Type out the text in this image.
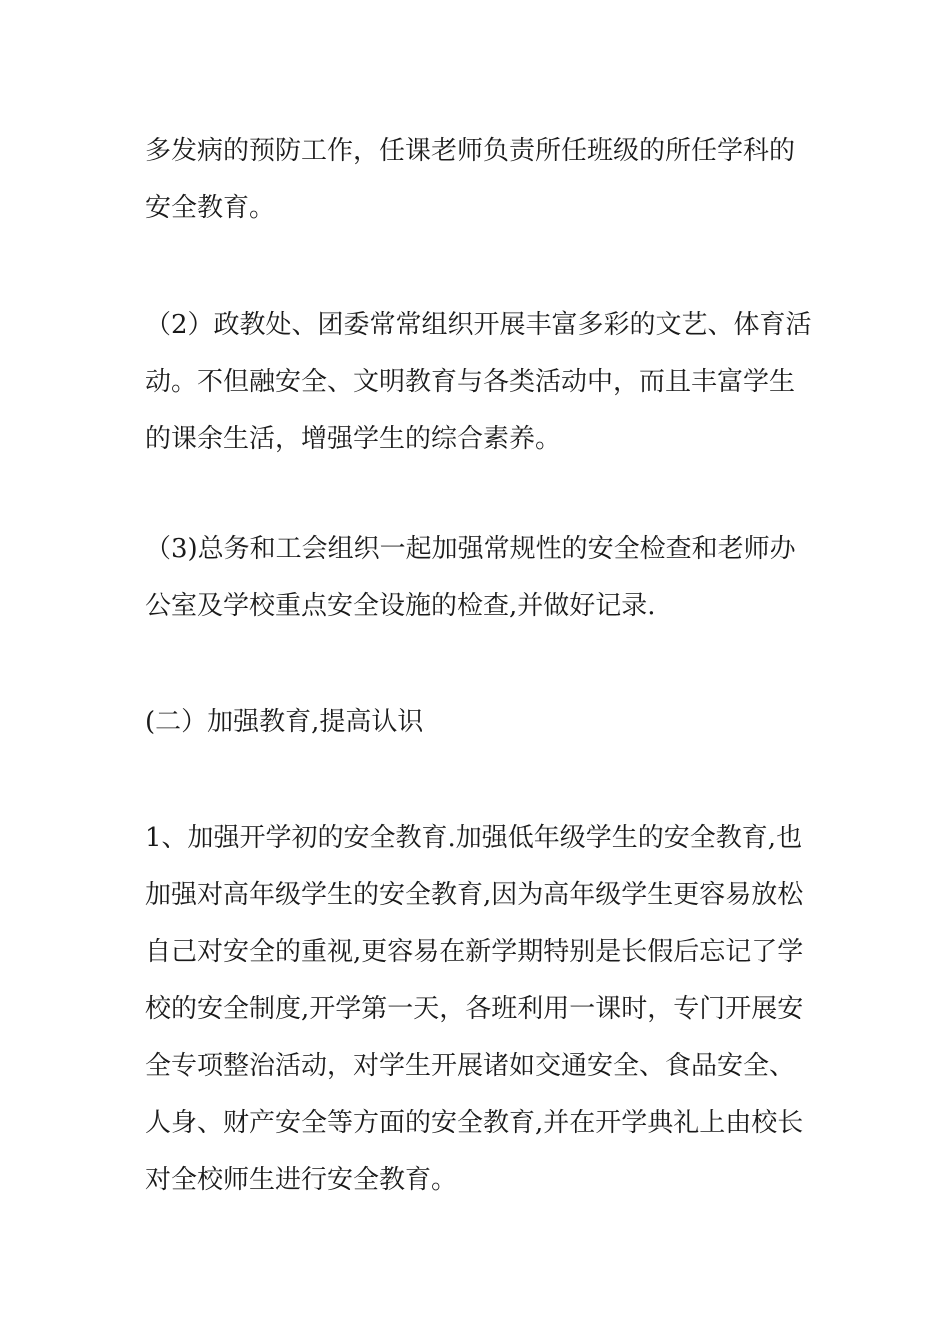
多发病的预防工作，任课老师负责所任班级的所任学科的
安全教育。

（2）政教处、团委常常组织开展丰富多彩的文艺、体育活
动。不但融安全、文明教育与各类活动中，而且丰富学生
的课余生活，增强学生的综合素养。

（3)总务和工会组织一起加强常规性的安全检查和老师办
公室及学校重点安全设施的检查,并做好记录.

(二）加强教育,提高认识

1、加强开学初的安全教育.加强低年级学生的安全教育,也
加强对高年级学生的安全教育,因为高年级学生更容易放松
自己对安全的重视,更容易在新学期特别是长假后忘记了学
校的安全制度,开学第一天，各班利用一课时，专门开展安
全专项整治活动，对学生开展诸如交通安全、食品安全、
人身、财产安全等方面的安全教育,并在开学典礼上由校长
对全校师生进行安全教育。
